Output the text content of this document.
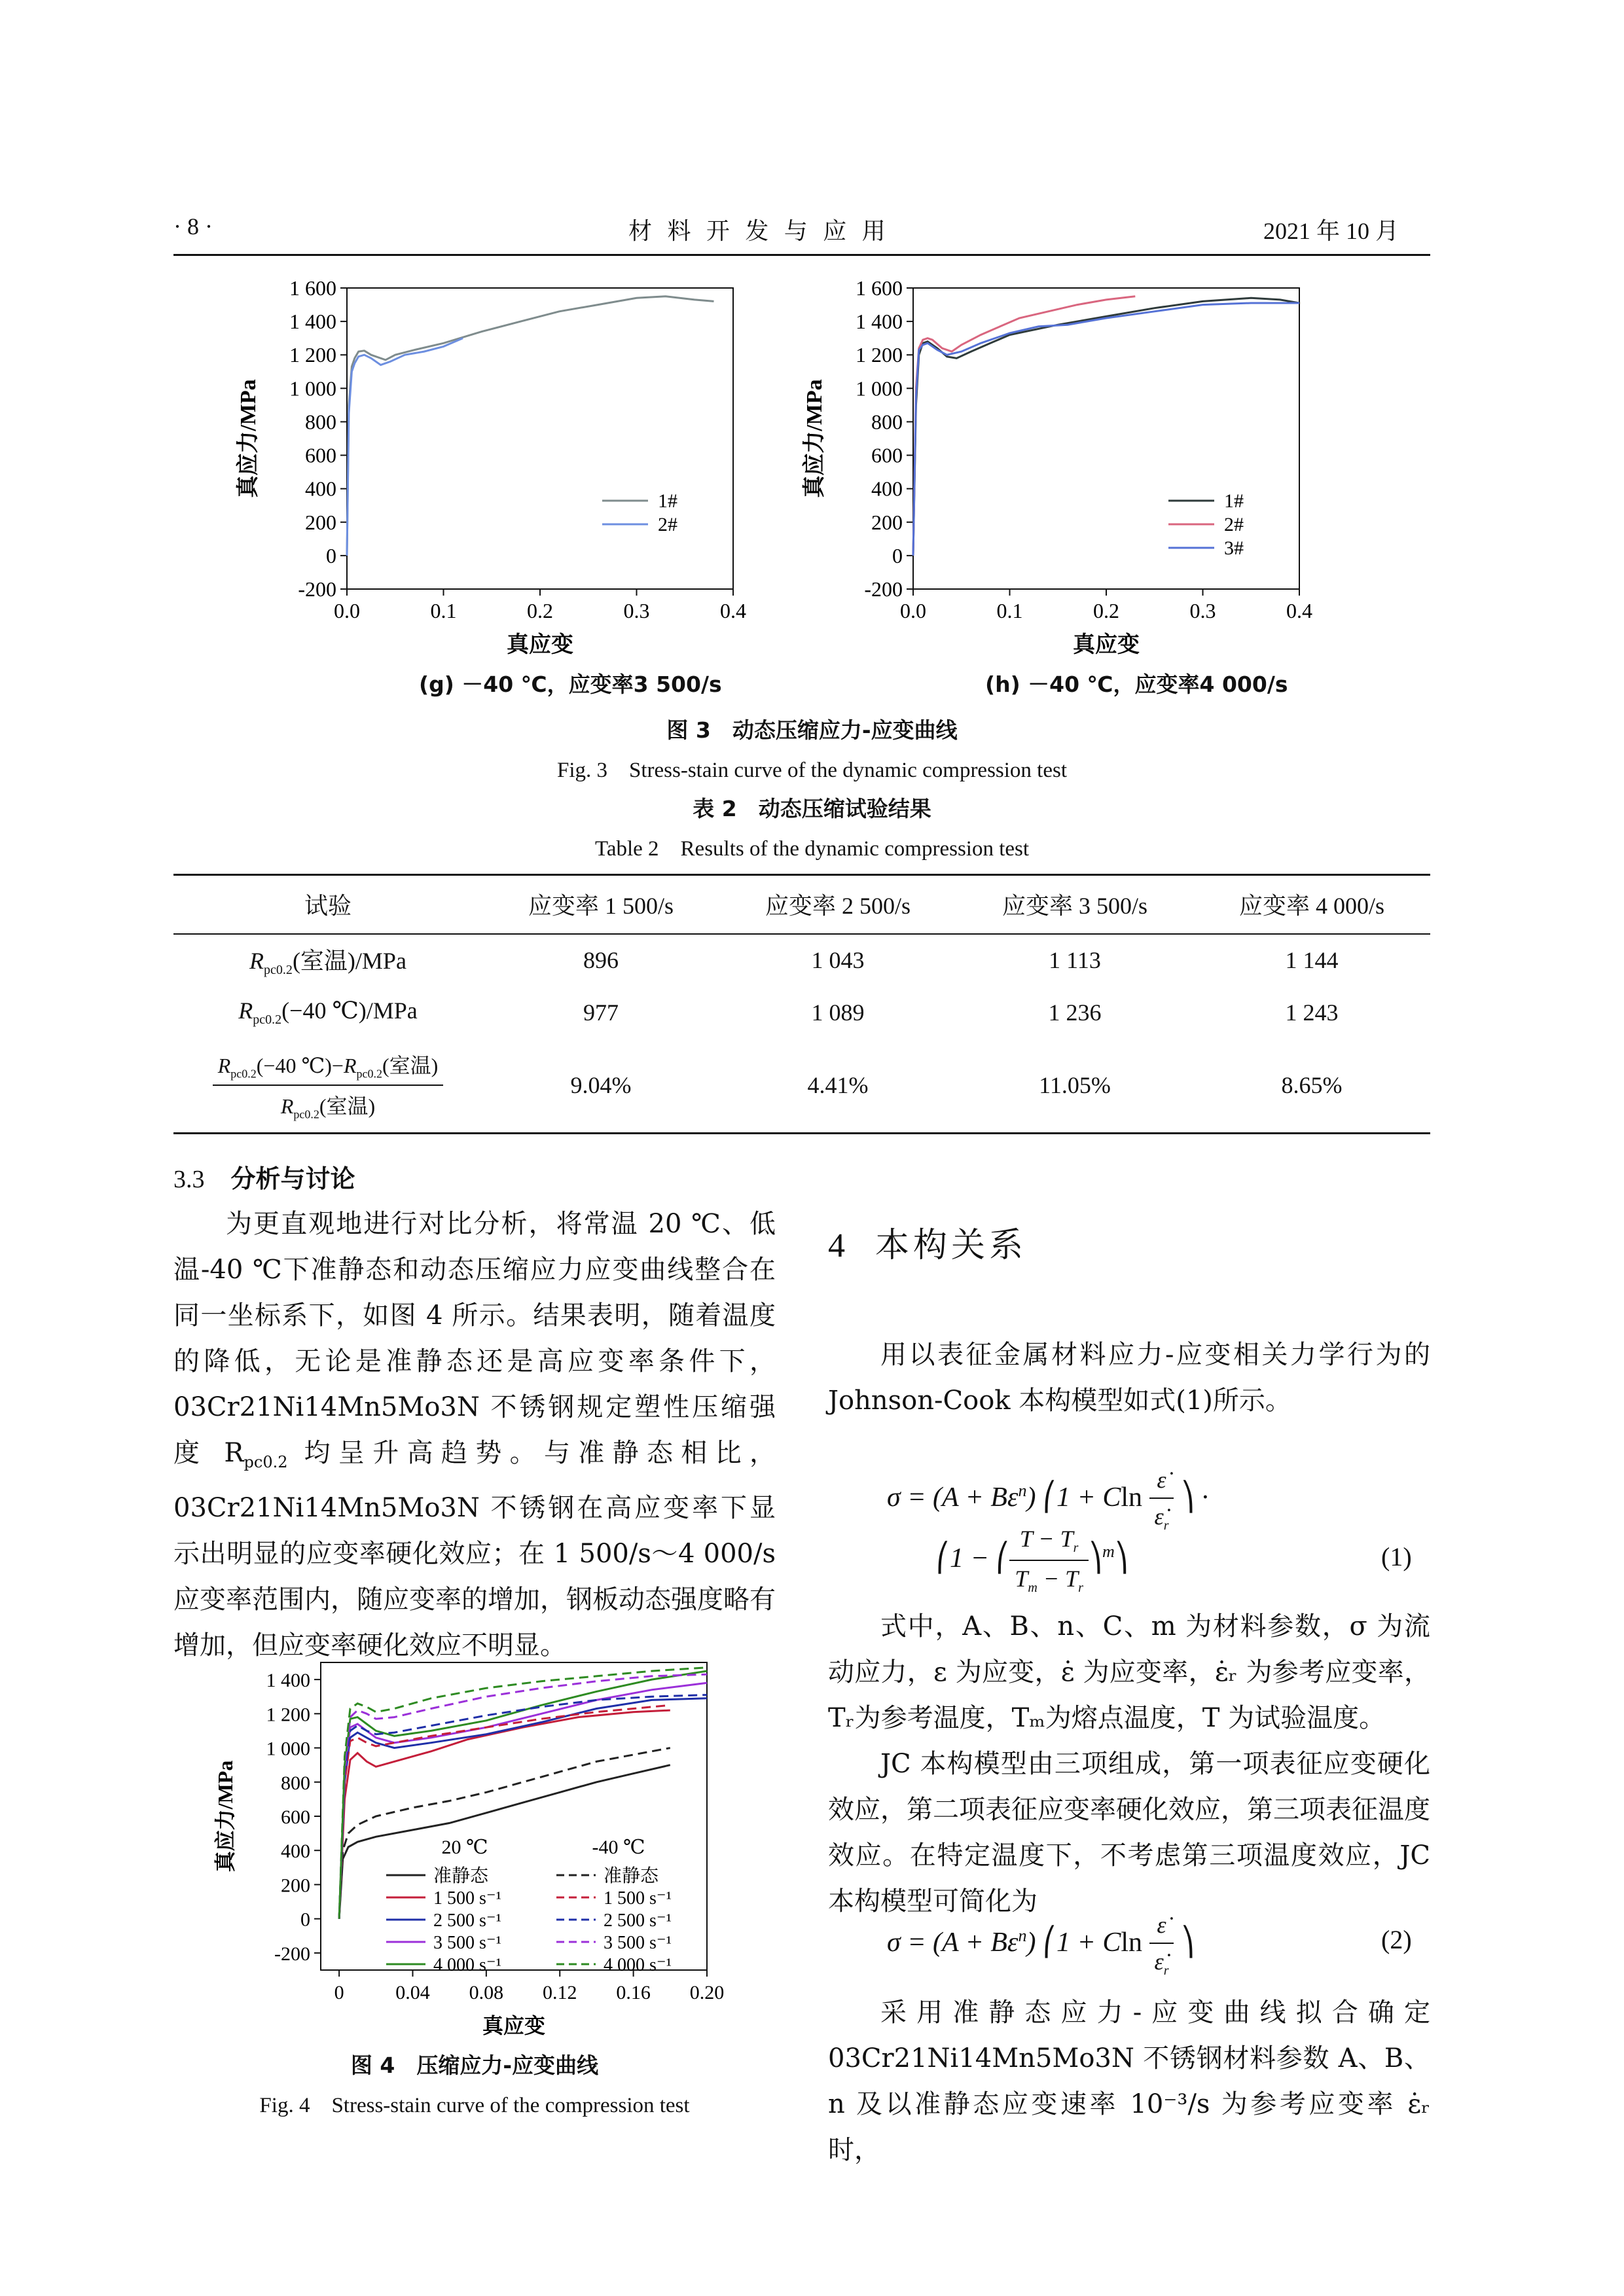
· 8 ·	材 料 开 发 与 应 用	2021 年 10 月
-200
0
200
400
600
800
1 000
1 200
1 400
1 600
0.0	0.1	0.2	0.3	0.4
真应变
真应力/MPa
1#
2#
(g) －40 ℃，应变率3 500/s
-200
0
200
400
600
800
1 000
1 200
1 400
1 600
0.0	0.1	0.2	0.3	0.4
真应变
真应力/MPa
1#
2#
3#
(h) －40 ℃，应变率4 000/s
图 3　动态压缩应力-应变曲线
Fig. 3　Stress-stain curve of the dynamic compression test
表 2　动态压缩试验结果
Table 2　Results of the dynamic compression test
试验	应变率 1 500/s	应变率 2 500/s	应变率 3 500/s	应变率 4 000/s
$R_{pc0.2}$(室温)/MPa	896	1 043	1 113	1 144
$R_{pc0.2}(-40$ ℃)/MPa	977	1 089	1 236	1 243

$\frac{R_{pc0.2}(-40 ℃)-R_{pc0.2}(室温)}{R_{pc0.2}(室温)}$	9.04%	4.41%	11.05%	8.65%
3.3 分析与讨论

为更直观地进行对比分析，将常温 20 ℃、低温-40 ℃下准静态和动态压缩应力应变曲线整合在同一坐标系下，如图 4 所示。结果表明，随着温度的降低，无论是准静态还是高应变率条件下，03Cr21Ni14Mn5Mo3N 不锈钢规定塑性压缩强度 $R_{pc0.2}$ 均呈升高趋势。与准静态相比，03Cr21Ni14Mn5Mo3N 不锈钢在高应变率下显示出明显的应变率硬化效应；在 1 500/s～4 000/s 应变率范围内，随应变率的增加，钢板动态强度略有增加，但应变率硬化效应不明显。

-200
0
200
400
600
800
1 000
1 200
1 400
0	0.04 0.08 0.12 0.16 0.20
真应变
真应力/MPa	20 ℃	-40 ℃
准静态	准静态
1 500 s⁻¹	1 500 s⁻¹
2 500 s⁻¹	2 500 s⁻¹
3 500 s⁻¹	3 500 s⁻¹
4 000 s⁻¹	4 000 s⁻¹
图 4　压缩应力-应变曲线
Fig. 4　Stress-stain curve of the compression test
4 本构关系

用以表征金属材料应力-应变相关力学行为的 Johnson-Cook 本构模型如式(1)所示。

$\sigma = (A + B\varepsilon^n)$ ⎛1 + Cln $\frac{\varepsiloṅ}{\varepsiloṅ_r}$ ⎞ ·
⎛1 − ⎛ $\frac{T - T_r}{T_m - T_r}$ ⎞$^m$⎞	(1)

式中，A、B、n、C、m 为材料参数，σ 为流动应力，ε 为应变，ε̇ 为应变率，ε̇ᵣ 为参考应变率，Tᵣ为参考温度，Tₘ为熔点温度，T 为试验温度。

JC 本构模型由三项组成，第一项表征应变硬化效应，第二项表征应变率硬化效应，第三项表征温度效应。在特定温度下，不考虑第三项温度效应，JC 本构模型可简化为

$\sigma = (A + B\varepsilon^n)$ ⎛1 + Cln $\frac{\varepsiloṅ}{\varepsiloṅ_r}$ ⎞	(2)

采用准静态应力-应变曲线拟合确定 03Cr21Ni14Mn5Mo3N 不锈钢材料参数 A、B、n 及以准静态应变速率 10⁻³/s 为参考应变率 ε̇ᵣ 时，
